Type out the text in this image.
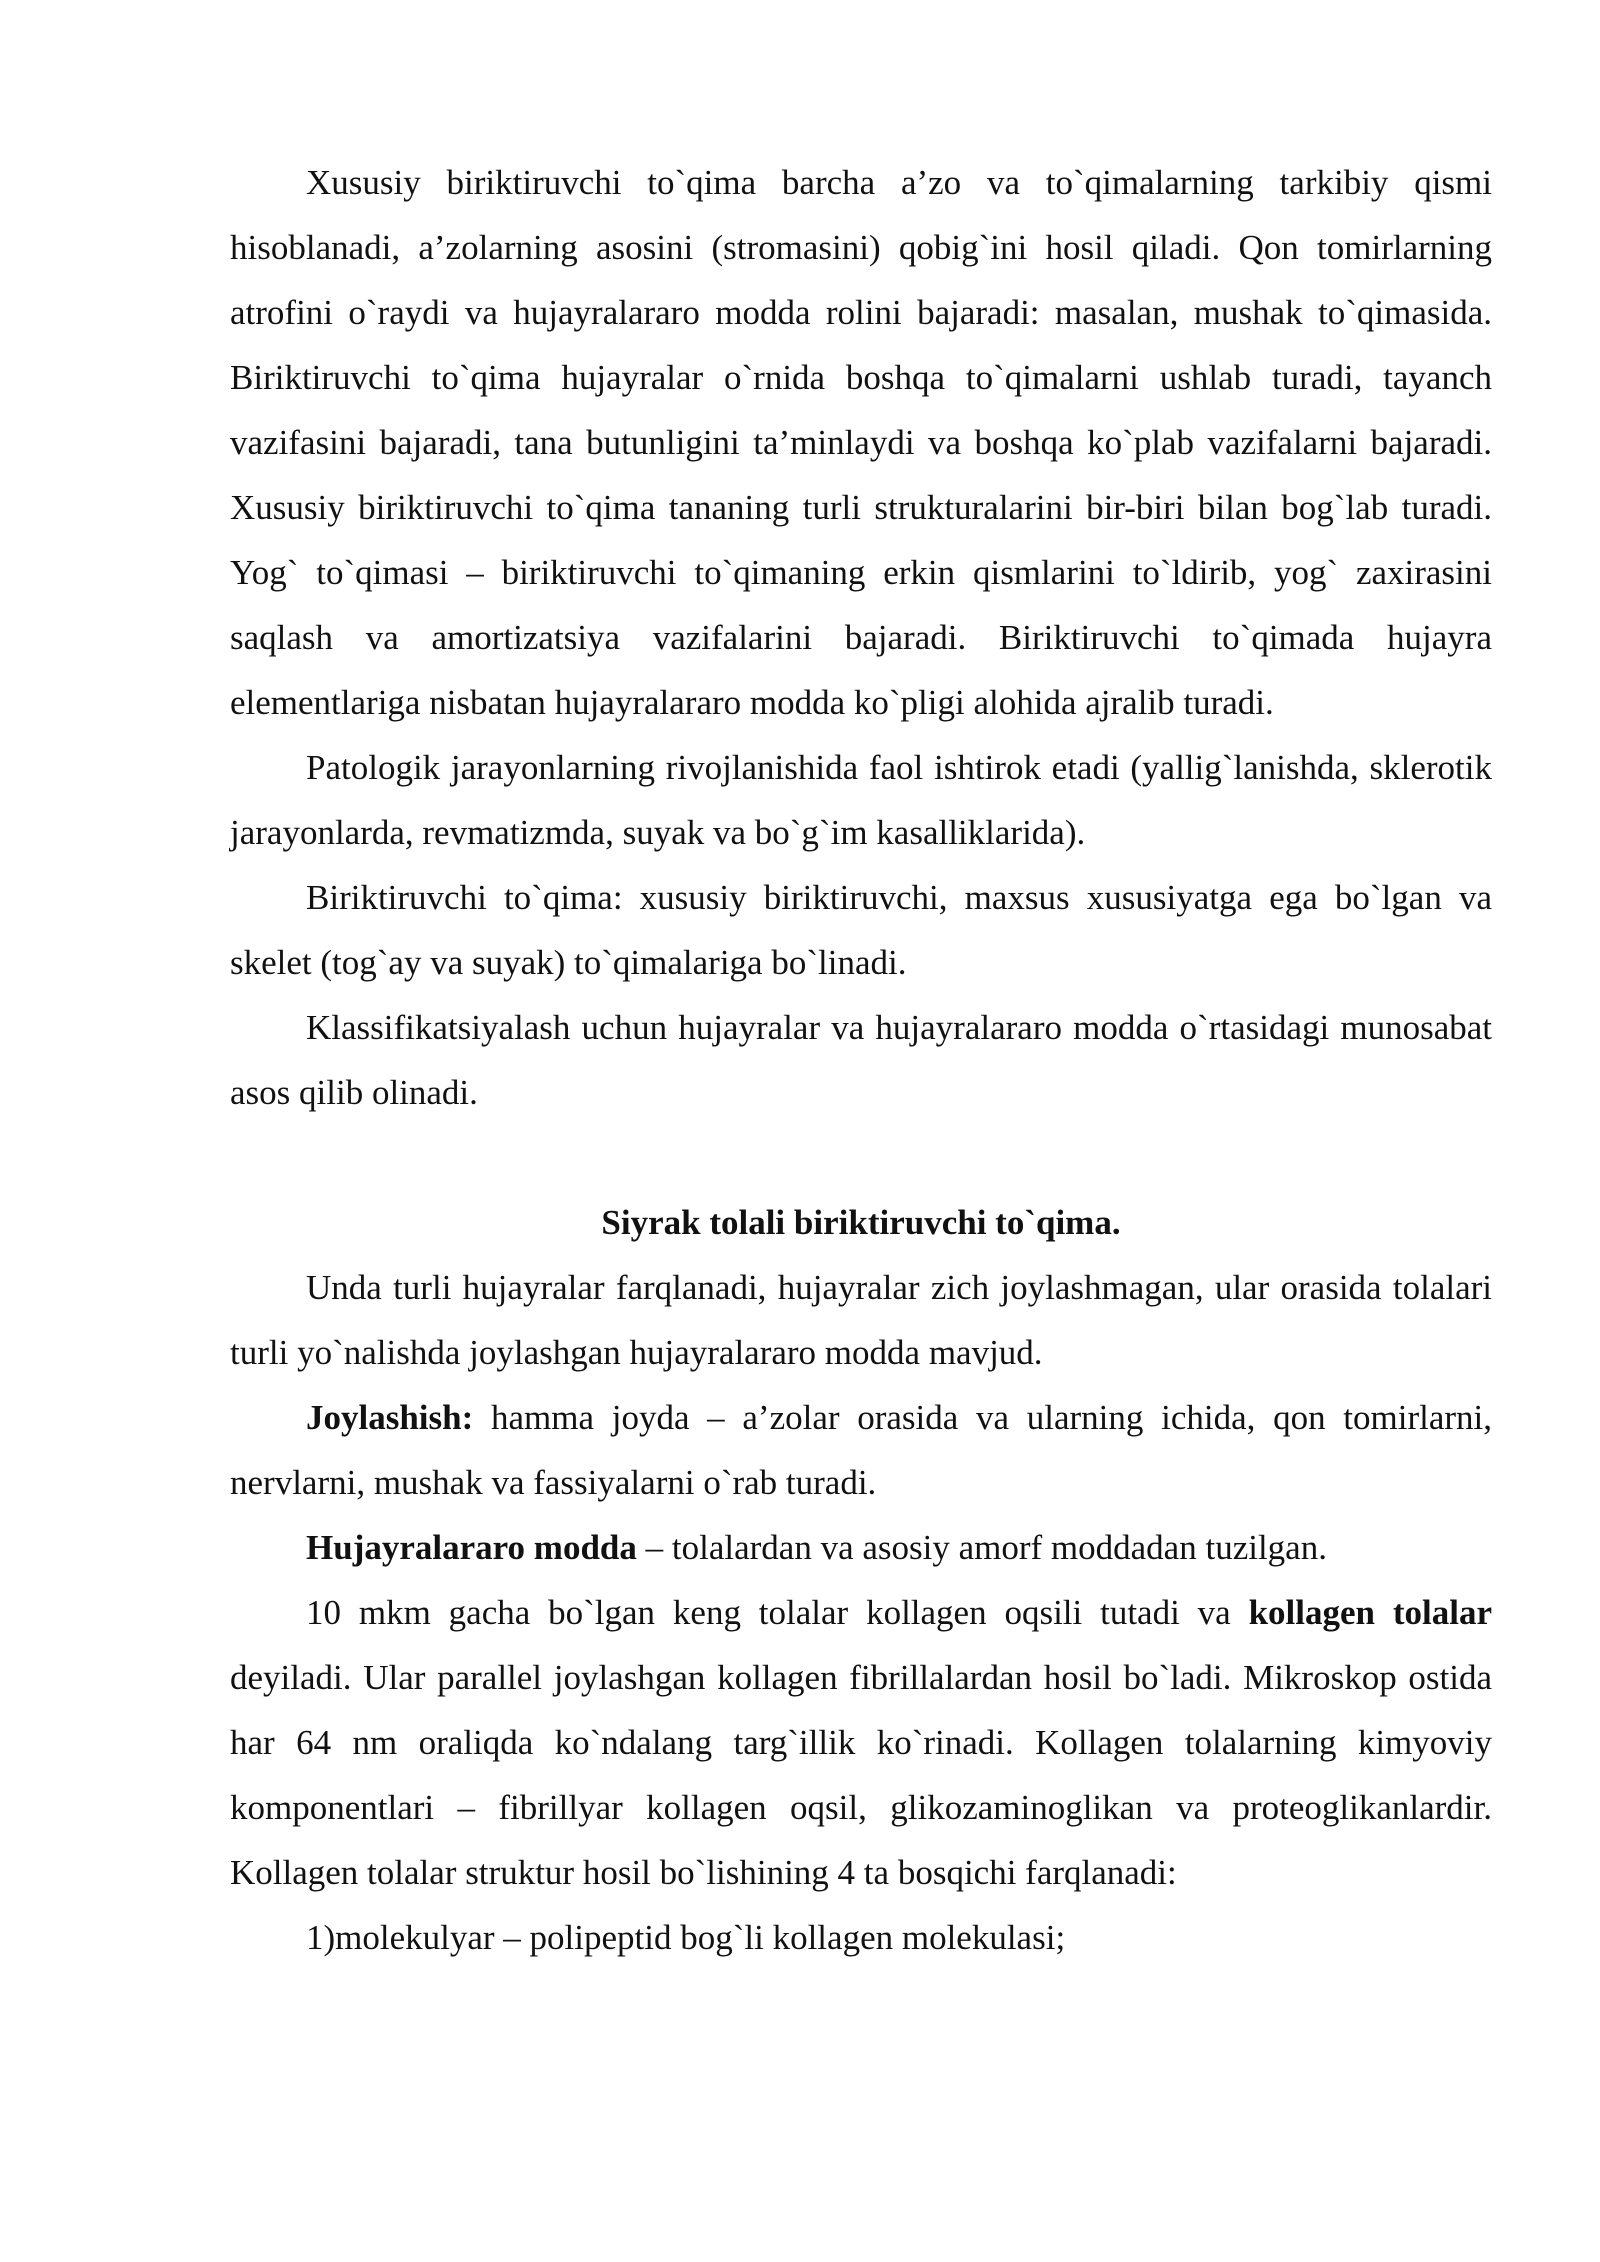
Xususiy biriktiruvchi to`qima barcha a’zo va to`qimalarning tarkibiy qismi hisoblanadi, a’zolarning asosini (stromasini) qobig`ini hosil qiladi. Qon tomirlarning atrofini o`raydi va hujayralararo modda rolini bajaradi: masalan, mushak to`qimasida. Biriktiruvchi to`qima hujayralar o`rnida boshqa to`qimalarni ushlab turadi, tayanch vazifasini bajaradi, tana butunligini ta’minlaydi va boshqa ko`plab vazifalarni bajaradi. Xususiy biriktiruvchi to`qima tananing turli strukturalarini bir-biri bilan bog`lab turadi. Yog` to`qimasi – biriktiruvchi to`qimaning erkin qismlarini to`ldirib, yog` zaxirasini saqlash va amortizatsiya vazifalarini bajaradi. Biriktiruvchi to`qimada hujayra elementlariga nisbatan hujayralararo modda ko`pligi alohida ajralib turadi.

Patologik jarayonlarning rivojlanishida faol ishtirok etadi (yallig`lanishda, sklerotik jarayonlarda, revmatizmda, suyak va bo`g`im kasalliklarida).

Biriktiruvchi to`qima: xususiy biriktiruvchi, maxsus xususiyatga ega bo`lgan va skelet (tog`ay va suyak) to`qimalariga bo`linadi.

Klassifikatsiyalash uchun hujayralar va hujayralararo modda o`rtasidagi munosabat asos qilib olinadi.

Siyrak tolali biriktiruvchi to`qima.

Unda turli hujayralar farqlanadi, hujayralar zich joylashmagan, ular orasida tolalari turli yo`nalishda joylashgan hujayralararo modda mavjud.

Joylashish: hamma joyda – a’zolar orasida va ularning ichida, qon tomirlarni, nervlarni, mushak va fassiyalarni o`rab turadi.

Hujayralararo modda – tolalardan va asosiy amorf moddadan tuzilgan.

10 mkm gacha bo`lgan keng tolalar kollagen oqsili tutadi va kollagen tolalar deyiladi. Ular parallel joylashgan kollagen fibrillalardan hosil bo`ladi. Mikroskop ostida har 64 nm oraliqda ko`ndalang targ`illik ko`rinadi. Kollagen tolalarning kimyoviy komponentlari – fibrillyar kollagen oqsil, glikozaminoglikan va proteoglikanlardir. Kollagen tolalar struktur hosil bo`lishining 4 ta bosqichi farqlanadi:

1)molekulyar – polipeptid bog`li kollagen molekulasi;
